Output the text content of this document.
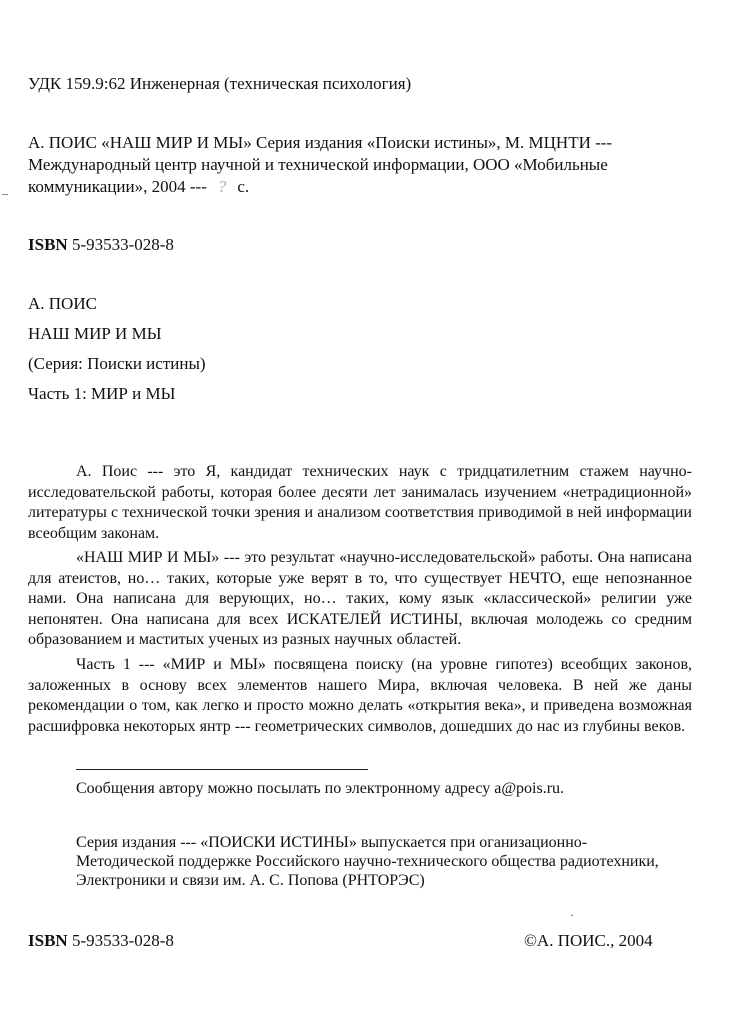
УДК 159.9:62 Инженерная (техническая психология)
А. ПОИС «НАШ МИР И МЫ» Серия издания «Поиски истины», М. МЦНТИ ---
Международный центр научной и технической информации, ООО «Мобильные
коммуникации», 2004 --- ? с.
–
ISBN 5-93533-028-8
А. ПОИС
НАШ МИР И МЫ
(Серия: Поиски истины)
Часть 1: МИР и МЫ
А. Поис --- это Я, кандидат технических наук с тридцатилетним стажем научно-исследовательской работы, которая более десяти лет занималась изучением «нетрадиционной» литературы с технической точки зрения и анализом соответствия приводимой в ней информации всеобщим законам.
«НАШ МИР И МЫ» --- это результат «научно-исследовательской» работы. Она написана для атеистов, но… таких, которые уже верят в то, что существует НЕЧТО, еще непознанное нами. Она написана для верующих, но… таких, кому язык «классической» религии уже непонятен. Она написана для всех ИСКАТЕЛЕЙ ИСТИНЫ, включая молодежь со средним образованием и маститых ученых из разных научных областей.
Часть 1 --- «МИР и МЫ» посвящена поиску (на уровне гипотез) всеобщих законов, заложенных в основу всех элементов нашего Мира, включая человека. В ней же даны рекомендации о том, как легко и просто можно делать «открытия века», и приведена возможная расшифровка некоторых янтр --- геометрических символов, дошедших до нас из глубины веков.
Сообщения автору можно посылать по электронному адресу a@pois.ru.
Серия издания --- «ПОИСКИ ИСТИНЫ» выпускается при оганизационно-
Методической поддержке Российского научно-технического общества радиотехники,
Электроники и связи им. А. С. Попова (РНТОРЭС)
ISBN 5-93533-028-8	©А. ПОИС., 2004
·
